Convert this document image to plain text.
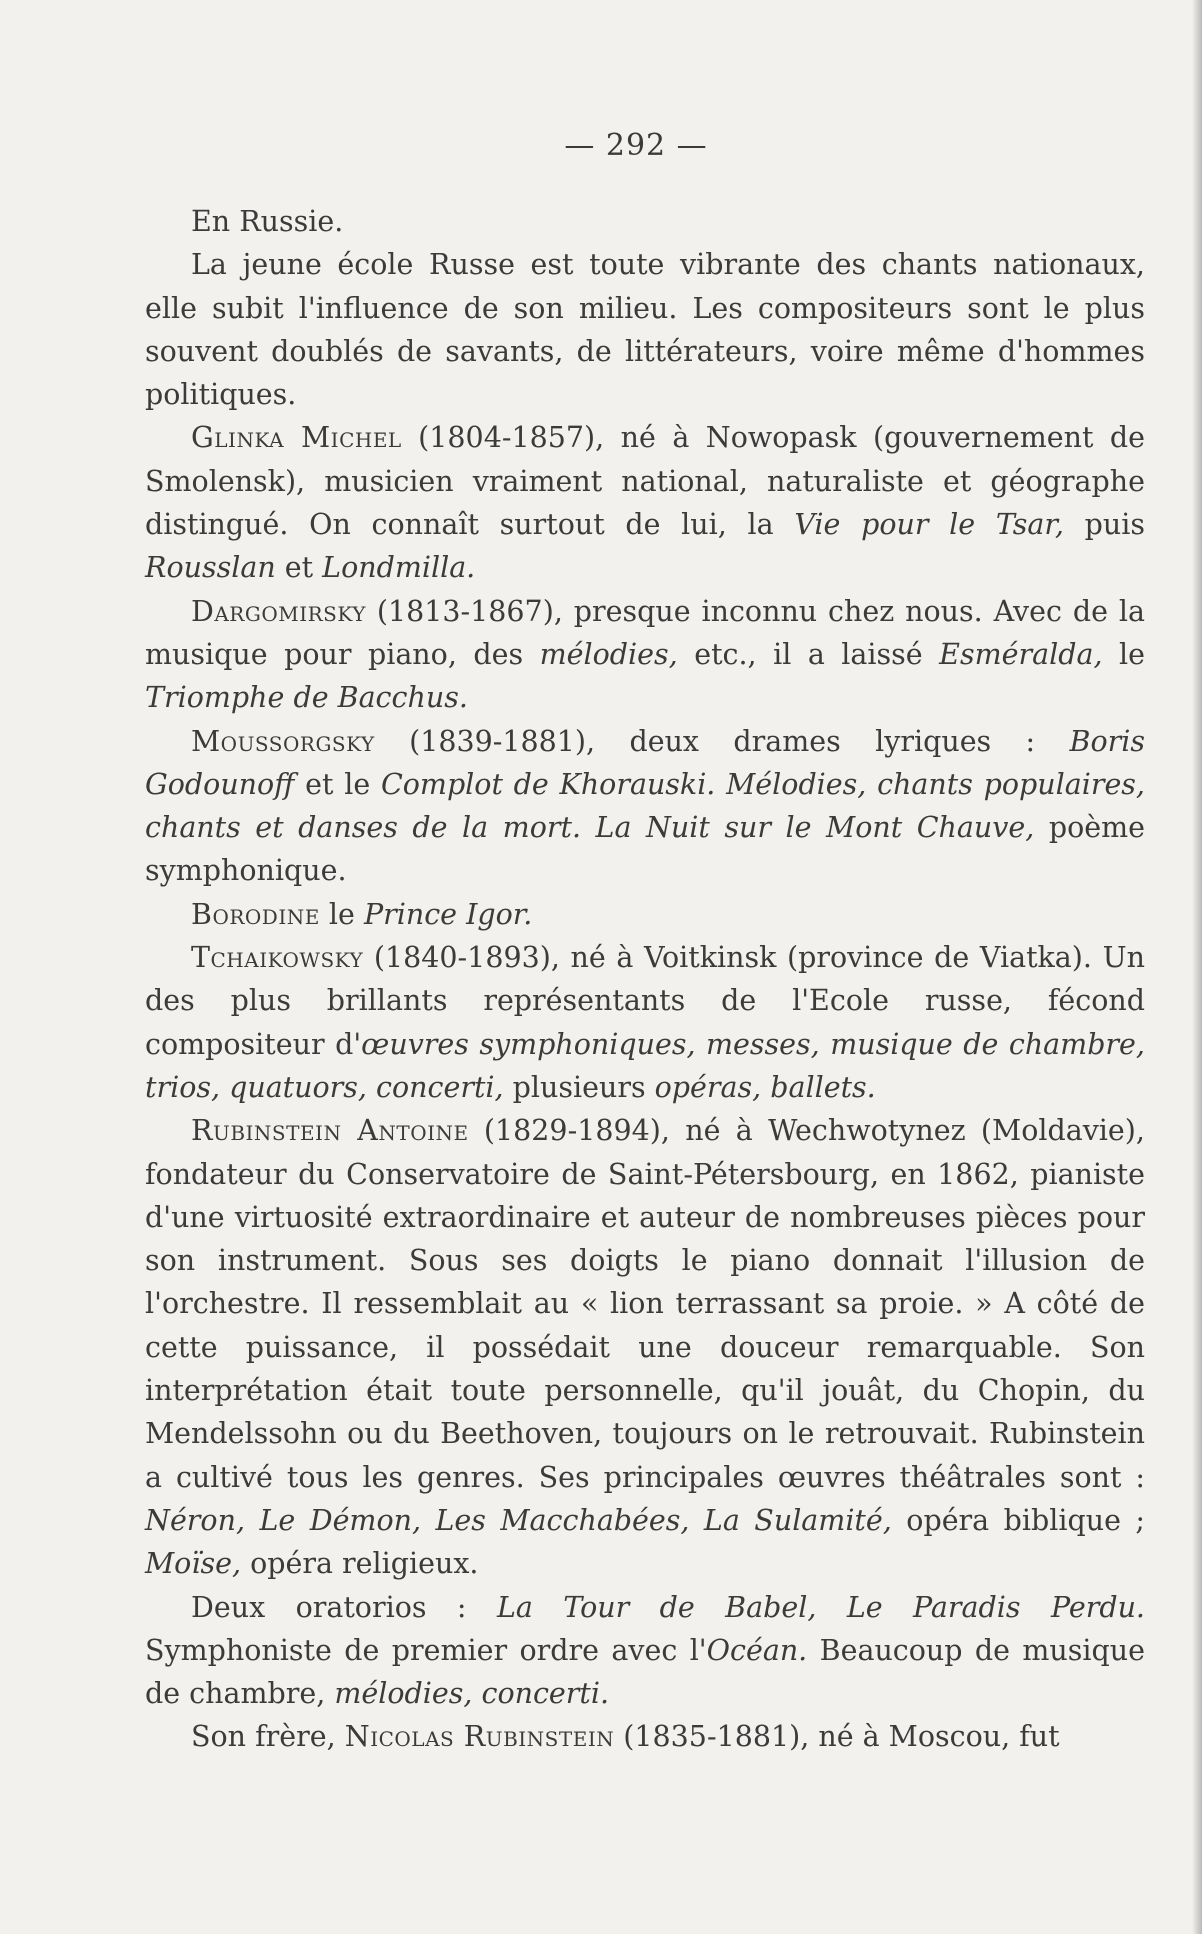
— 292 —

En Russie.

La jeune école Russe est toute vibrante des chants nationaux, elle subit l'influence de son milieu. Les compositeurs sont le plus souvent doublés de savants, de littérateurs, voire même d'hommes politiques.

Glinka Michel (1804-1857), né à Nowopask (gouvernement de Smolensk), musicien vraiment national, naturaliste et géographe distingué. On connaît surtout de lui, la Vie pour le Tsar, puis Rousslan et Londmilla.

Dargomirsky (1813-1867), presque inconnu chez nous. Avec de la musique pour piano, des mélodies, etc., il a laissé Esméralda, le Triomphe de Bacchus.

Moussorgsky (1839-1881), deux drames lyriques : Boris Godounoff et le Complot de Khorauski. Mélodies, chants populaires, chants et danses de la mort. La Nuit sur le Mont Chauve, poème symphonique.

Borodine le Prince Igor.

Tchaikowsky (1840-1893), né à Voitkinsk (province de Viatka). Un des plus brillants représentants de l'Ecole russe, fécond compositeur d'œuvres symphoniques, messes, musique de chambre, trios, quatuors, concerti, plusieurs opéras, ballets.

Rubinstein Antoine (1829-1894), né à Wechwotynez (Moldavie), fondateur du Conservatoire de Saint-Pétersbourg, en 1862, pianiste d'une virtuosité extraordinaire et auteur de nombreuses pièces pour son instrument. Sous ses doigts le piano donnait l'illusion de l'orchestre. Il ressemblait au « lion terrassant sa proie. » A côté de cette puissance, il possédait une douceur remarquable. Son interprétation était toute personnelle, qu'il jouât, du Chopin, du Mendelssohn ou du Beethoven, toujours on le retrouvait. Rubinstein a cultivé tous les genres. Ses principales œuvres théâtrales sont : Néron, Le Démon, Les Macchabées, La Sulamité, opéra biblique ; Moïse, opéra religieux.

Deux oratorios : La Tour de Babel, Le Paradis Perdu. Symphoniste de premier ordre avec l'Océan. Beaucoup de musique de chambre, mélodies, concerti.

Son frère, Nicolas Rubinstein (1835-1881), né à Moscou, fut
